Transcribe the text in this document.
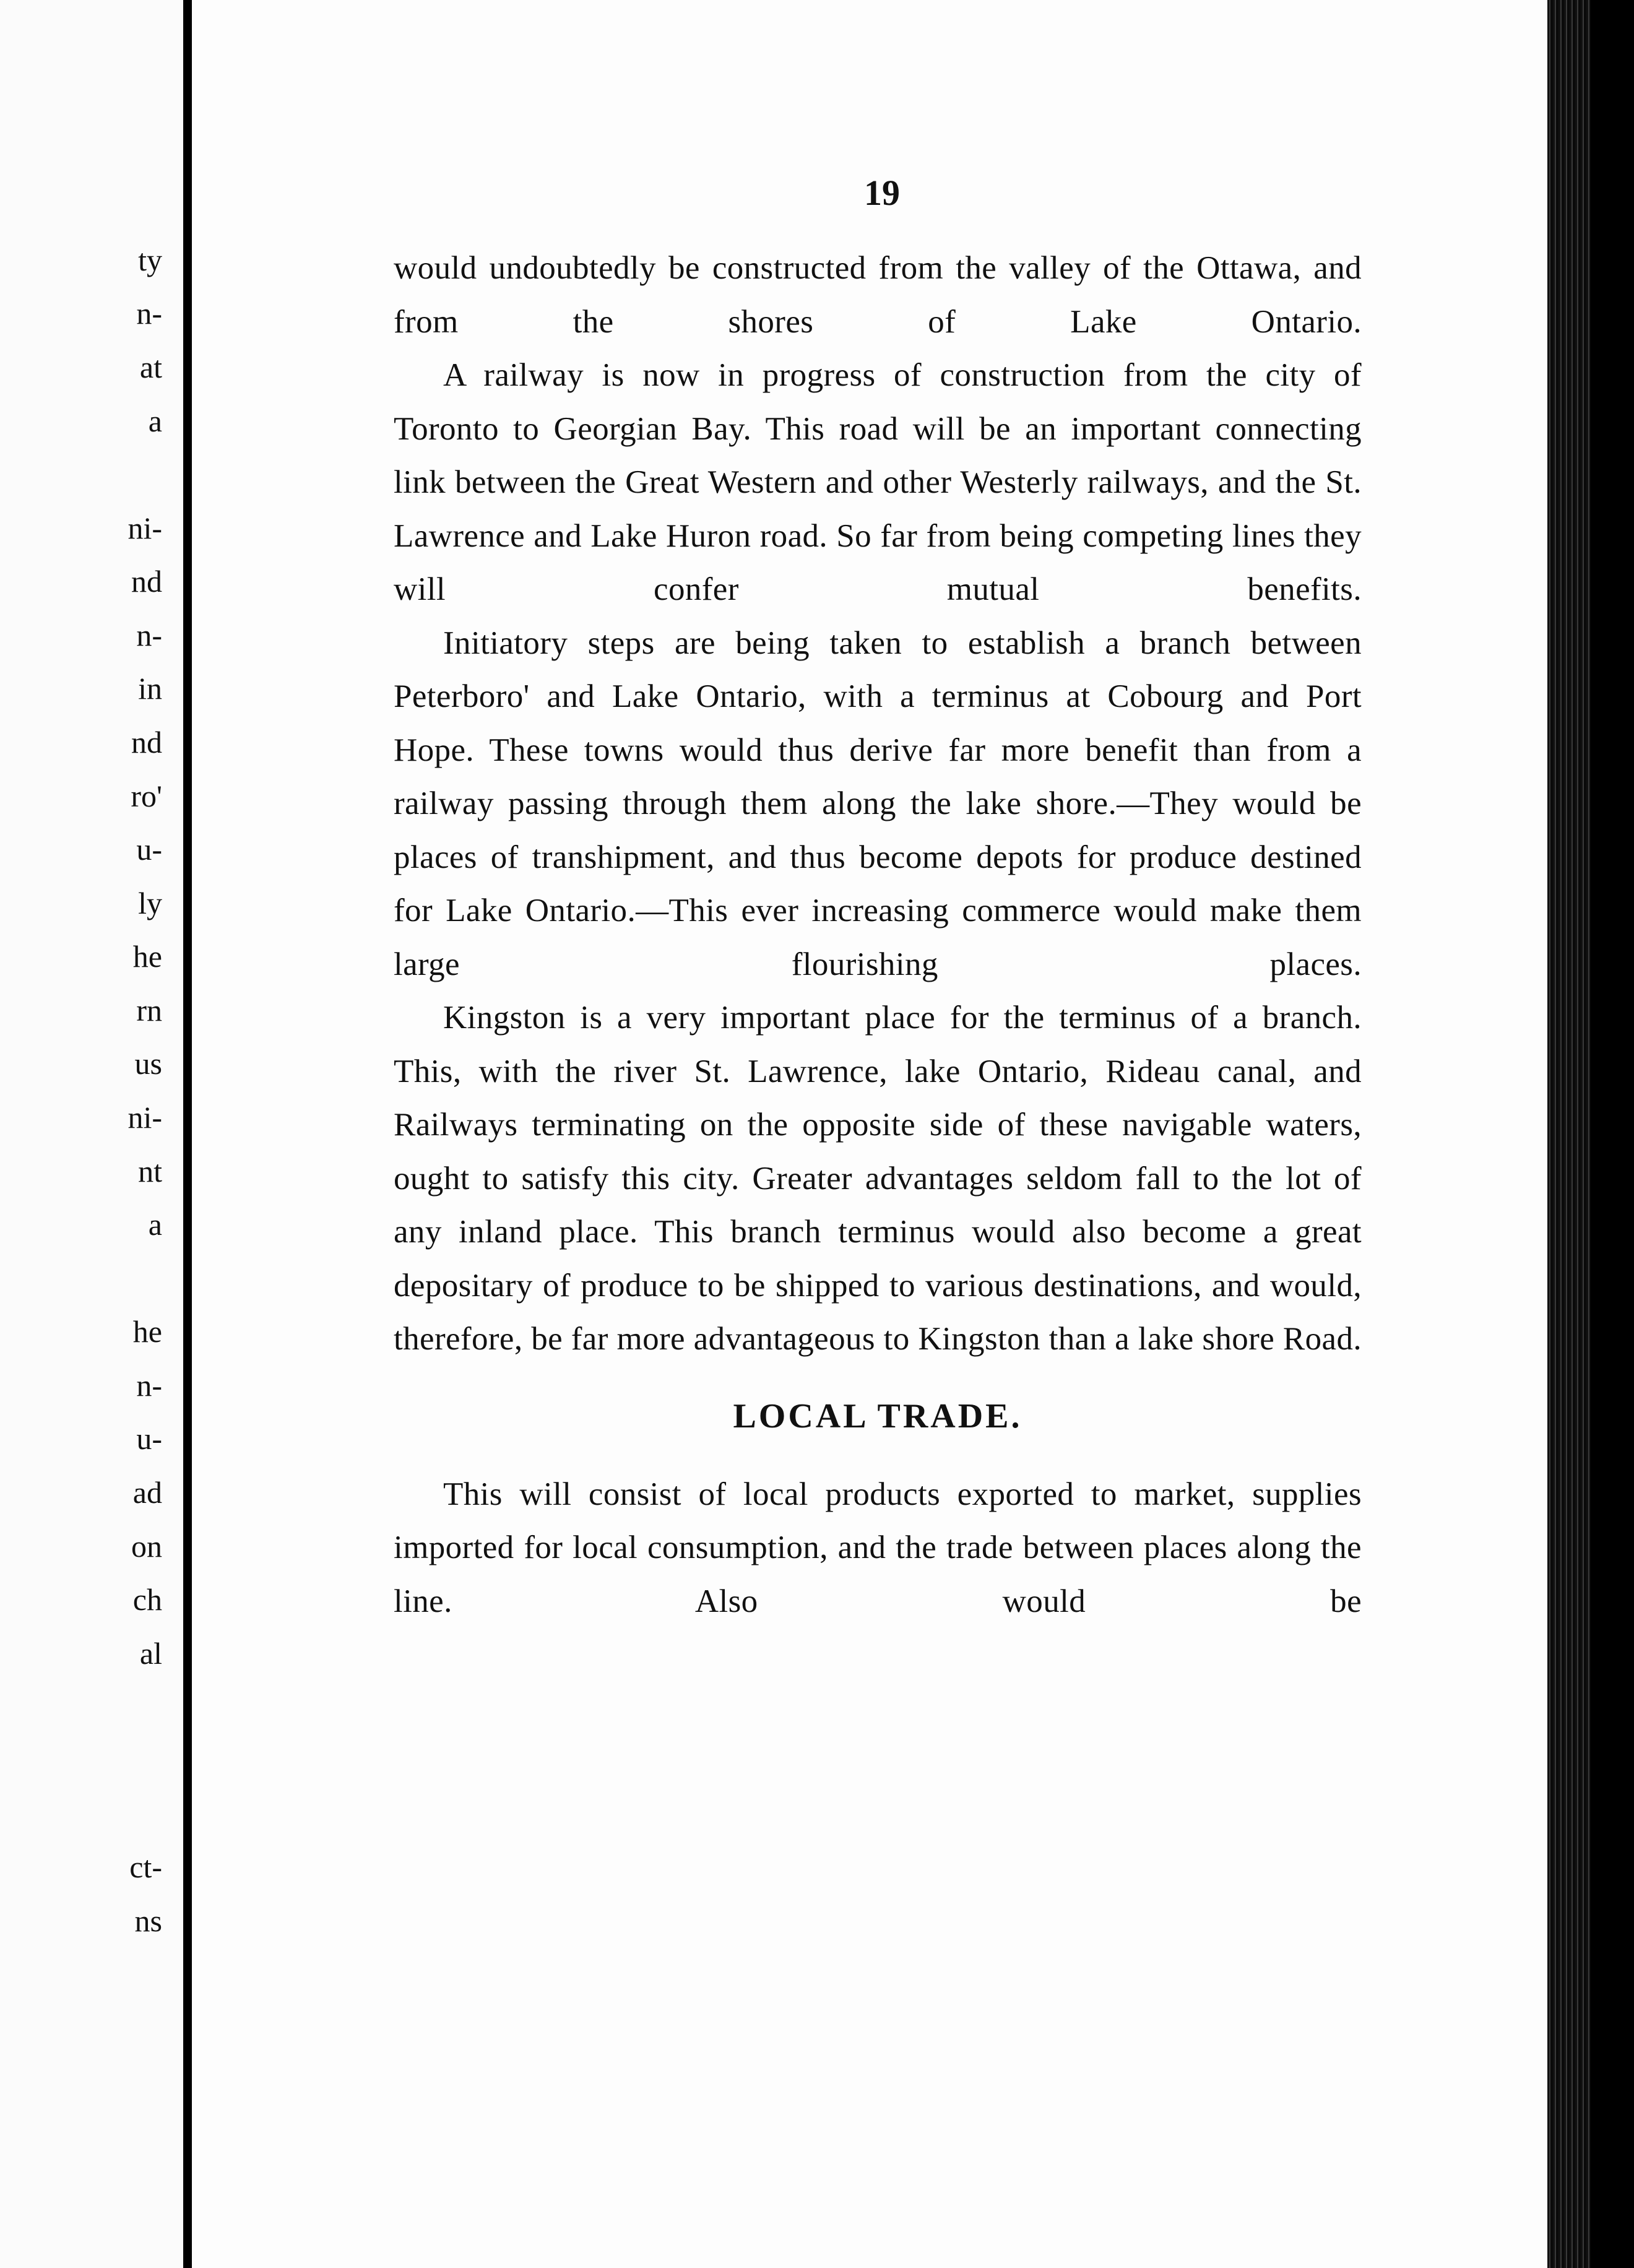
ty
n-
at
a
ni-
nd
n-
in
nd
ro'
u-
ly
he
rn
us
ni-
nt
a
he
n-
u-
ad
on
ch
al
ct-
ns
19

would undoubtedly be constructed from the valley of the Ottawa, and from the shores of Lake Ontario.

A railway is now in progress of construction from the city of Toronto to Georgian Bay. This road will be an important connecting link between the Great Western and other Westerly railways, and the St. Lawrence and Lake Huron road. So far from being competing lines they will confer mutual benefits.

Initiatory steps are being taken to establish a branch between Peterboro' and Lake Ontario, with a terminus at Cobourg and Port Hope. These towns would thus derive far more benefit than from a railway passing through them along the lake shore.—They would be places of transhipment, and thus become depots for produce destined for Lake Ontario.—This ever increasing commerce would make them large flourishing places.

Kingston is a very important place for the terminus of a branch. This, with the river St. Lawrence, lake Ontario, Rideau canal, and Railways terminating on the opposite side of these navigable waters, ought to satisfy this city. Greater advantages seldom fall to the lot of any inland place. This branch terminus would also become a great depositary of produce to be shipped to various destinations, and would, therefore, be far more advantageous to Kingston than a lake shore Road.

LOCAL TRADE.

This will consist of local products exported to market, supplies imported for local consumption, and the trade between places along the line. Also would be
